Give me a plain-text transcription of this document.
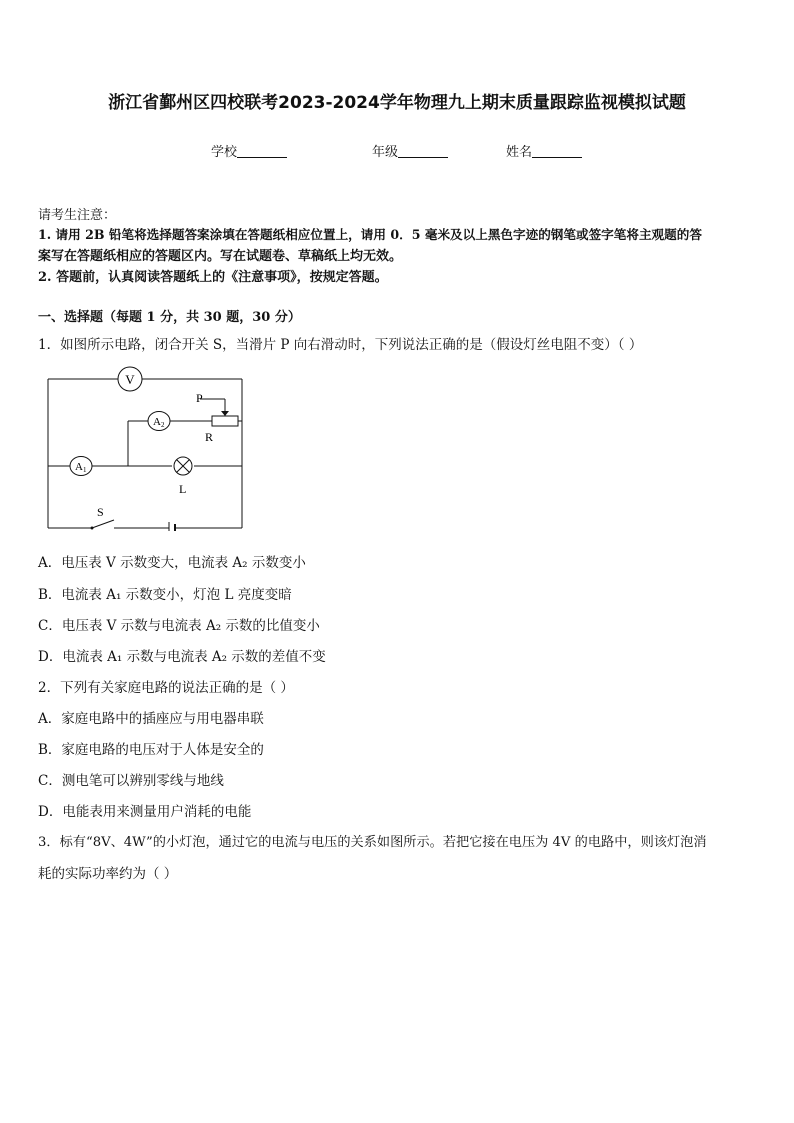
浙江省鄞州区四校联考2023-2024学年物理九上期末质量跟踪监视模拟试题
学校	年级	姓名
请考生注意：
1. 请用 2B 铅笔将选择题答案涂填在答题纸相应位置上，请用 0．5 毫米及以上黑色字迹的钢笔或签字笔将主观题的答
案写在答题纸相应的答题区内。写在试题卷、草稿纸上均无效。
2. 答题前，认真阅读答题纸上的《注意事项》，按规定答题。
一、选择题（每题 1 分，共 30 题，30 分）
1．如图所示电路，闭合开关 S，当滑片 P 向右滑动时，下列说法正确的是（假设灯丝电阻不变）（ ）
V
A 2
A 1
P
R
L
S
A．电压表 V 示数变大，电流表 A₂ 示数变小
B．电流表 A₁ 示数变小，灯泡 L 亮度变暗
C．电压表 V 示数与电流表 A₂ 示数的比值变小
D．电流表 A₁ 示数与电流表 A₂ 示数的差值不变
2．下列有关家庭电路的说法正确的是（ ）
A．家庭电路中的插座应与用电器串联
B．家庭电路的电压对于人体是安全的
C．测电笔可以辨别零线与地线
D．电能表用来测量用户消耗的电能
3．标有“8V、4W”的小灯泡，通过它的电流与电压的关系如图所示。若把它接在电压为 4V 的电路中，则该灯泡消
耗的实际功率约为（ ）
